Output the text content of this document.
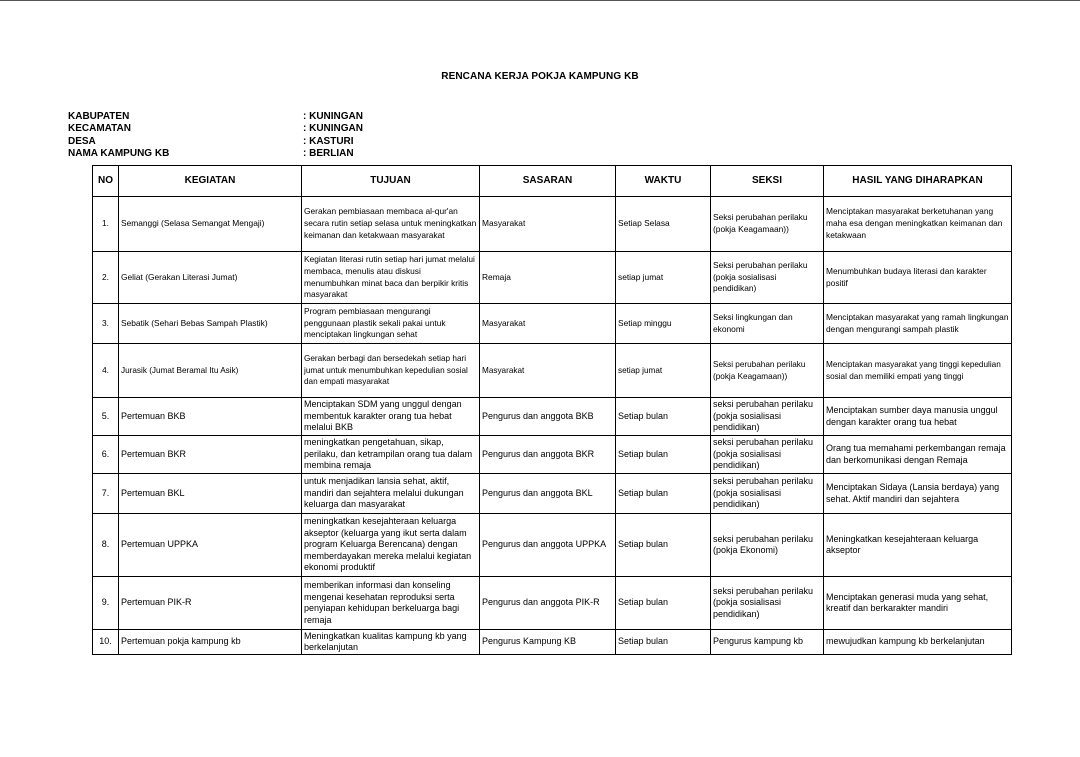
RENCANA KERJA POKJA KAMPUNG KB
KABUPATEN	: KUNINGAN
KECAMATAN	: KUNINGAN
DESA	: KASTURI
NAMA KAMPUNG KB	: BERLIAN
NO	KEGIATAN	TUJUAN	SASARAN	WAKTU	SEKSI	HASIL YANG DIHARAPKAN
1.	Semanggi (Selasa Semangat Mengaji)	Gerakan pembiasaan membaca al-qur'an secara rutin setiap selasa untuk meningkatkan keimanan dan ketakwaan masyarakat	Masyarakat	Setiap Selasa	Seksi perubahan perilaku (pokja Keagamaan))	Menciptakan masyarakat berketuhanan yang maha esa dengan meningkatkan keimanan dan ketakwaan
2.	Geliat (Gerakan Literasi Jumat)	Kegiatan literasi rutin setiap hari jumat melalui membaca, menulis atau diskusi menumbuhkan minat baca dan berpikir kritis masyarakat	Remaja	setiap jumat	Seksi perubahan perilaku (pokja sosialisasi pendidikan)	Menumbuhkan budaya literasi dan karakter positif
3.	Sebatik (Sehari Bebas Sampah Plastik)	Program pembiasaan mengurangi penggunaan plastik sekali pakai untuk menciptakan lingkungan sehat	Masyarakat	Setiap minggu	Seksi lingkungan dan ekonomi	Menciptakan masyarakat yang ramah lingkungan dengan mengurangi sampah plastik
4.	Jurasik (Jumat Beramal Itu Asik)	Gerakan berbagi dan bersedekah setiap hari jumat untuk menumbuhkan kepedulian sosial dan empati masyarakat	Masyarakat	setiap jumat	Seksi perubahan perilaku (pokja Keagamaan))	Menciptakan masyarakat yang tinggi kepedulian sosial dan memiliki empati yang tinggi
5.	Pertemuan BKB	Menciptakan SDM yang unggul dengan membentuk karakter orang tua hebat melalui BKB	Pengurus dan anggota BKB	Setiap bulan	seksi perubahan perilaku (pokja sosialisasi pendidikan)	Menciptakan sumber daya manusia unggul dengan karakter orang tua hebat
6.	Pertemuan BKR	meningkatkan pengetahuan, sikap, perilaku, dan ketrampilan orang tua dalam membina remaja	Pengurus dan anggota BKR	Setiap bulan	seksi perubahan perilaku (pokja sosialisasi pendidikan)	Orang tua memahami perkembangan remaja dan berkomunikasi dengan Remaja
7.	Pertemuan BKL	untuk menjadikan lansia sehat, aktif, mandiri dan sejahtera melalui dukungan keluarga dan masyarakat	Pengurus dan anggota BKL	Setiap bulan	seksi perubahan perilaku (pokja sosialisasi pendidikan)	Menciptakan Sidaya (Lansia berdaya) yang sehat. Aktif mandiri dan sejahtera
8.	Pertemuan UPPKA	meningkatkan kesejahteraan keluarga akseptor (keluarga yang ikut serta dalam program Keluarga Berencana) dengan memberdayakan mereka melalui kegiatan ekonomi produktif	Pengurus dan anggota UPPKA	Setiap bulan	seksi perubahan perilaku (pokja Ekonomi)	Meningkatkan kesejahteraan keluarga akseptor
9.	Pertemuan PIK-R	memberikan informasi dan konseling mengenai kesehatan reproduksi serta penyiapan kehidupan berkeluarga bagi remaja	Pengurus dan anggota PIK-R	Setiap bulan	seksi perubahan perilaku (pokja sosialisasi pendidikan)	Menciptakan generasi muda yang sehat, kreatif dan berkarakter mandiri
10.	Pertemuan pokja kampung kb	Meningkatkan kualitas kampung kb yang berkelanjutan	Pengurus Kampung KB	Setiap bulan	Pengurus kampung kb	mewujudkan kampung kb berkelanjutan
